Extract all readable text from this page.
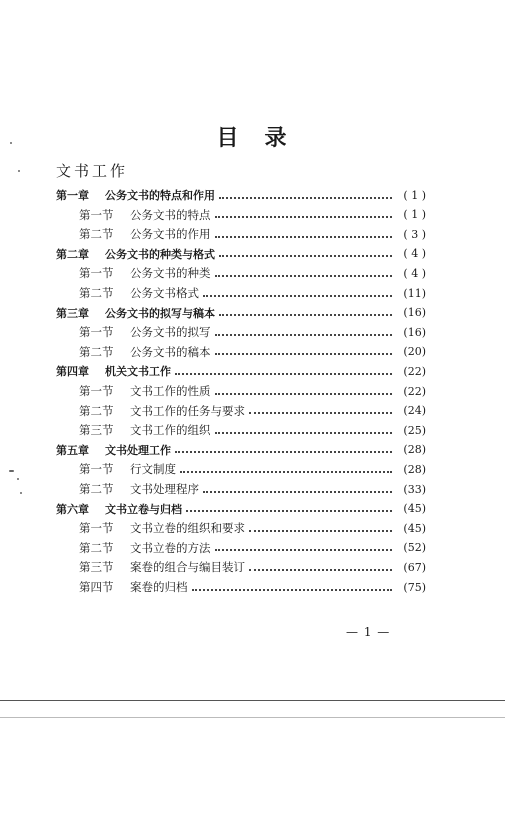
目　录
文书工作
第一章	公务文书的特点和作用	( 1 )
第一节	公务文书的特点	( 1 )
第二节	公务文书的作用	( 3 )
第二章	公务文书的种类与格式	( 4 )
第一节	公务文书的种类	( 4 )
第二节	公务文书格式	(11)
第三章	公务文书的拟写与稿本	(16)
第一节	公务文书的拟写	(16)
第二节	公务文书的稿本	(20)
第四章	机关文书工作	(22)
第一节	文书工作的性质	(22)
第二节	文书工作的任务与要求	(24)
第三节	文书工作的组织	(25)
第五章	文书处理工作	(28)
第一节	行文制度	(28)
第二节	文书处理程序	(33)
第六章	文书立卷与归档	(45)
第一节	文书立卷的组织和要求	(45)
第二节	文书立卷的方法	(52)
第三节	案卷的组合与编目装订	(67)
第四节	案卷的归档	(75)
— 1 —
